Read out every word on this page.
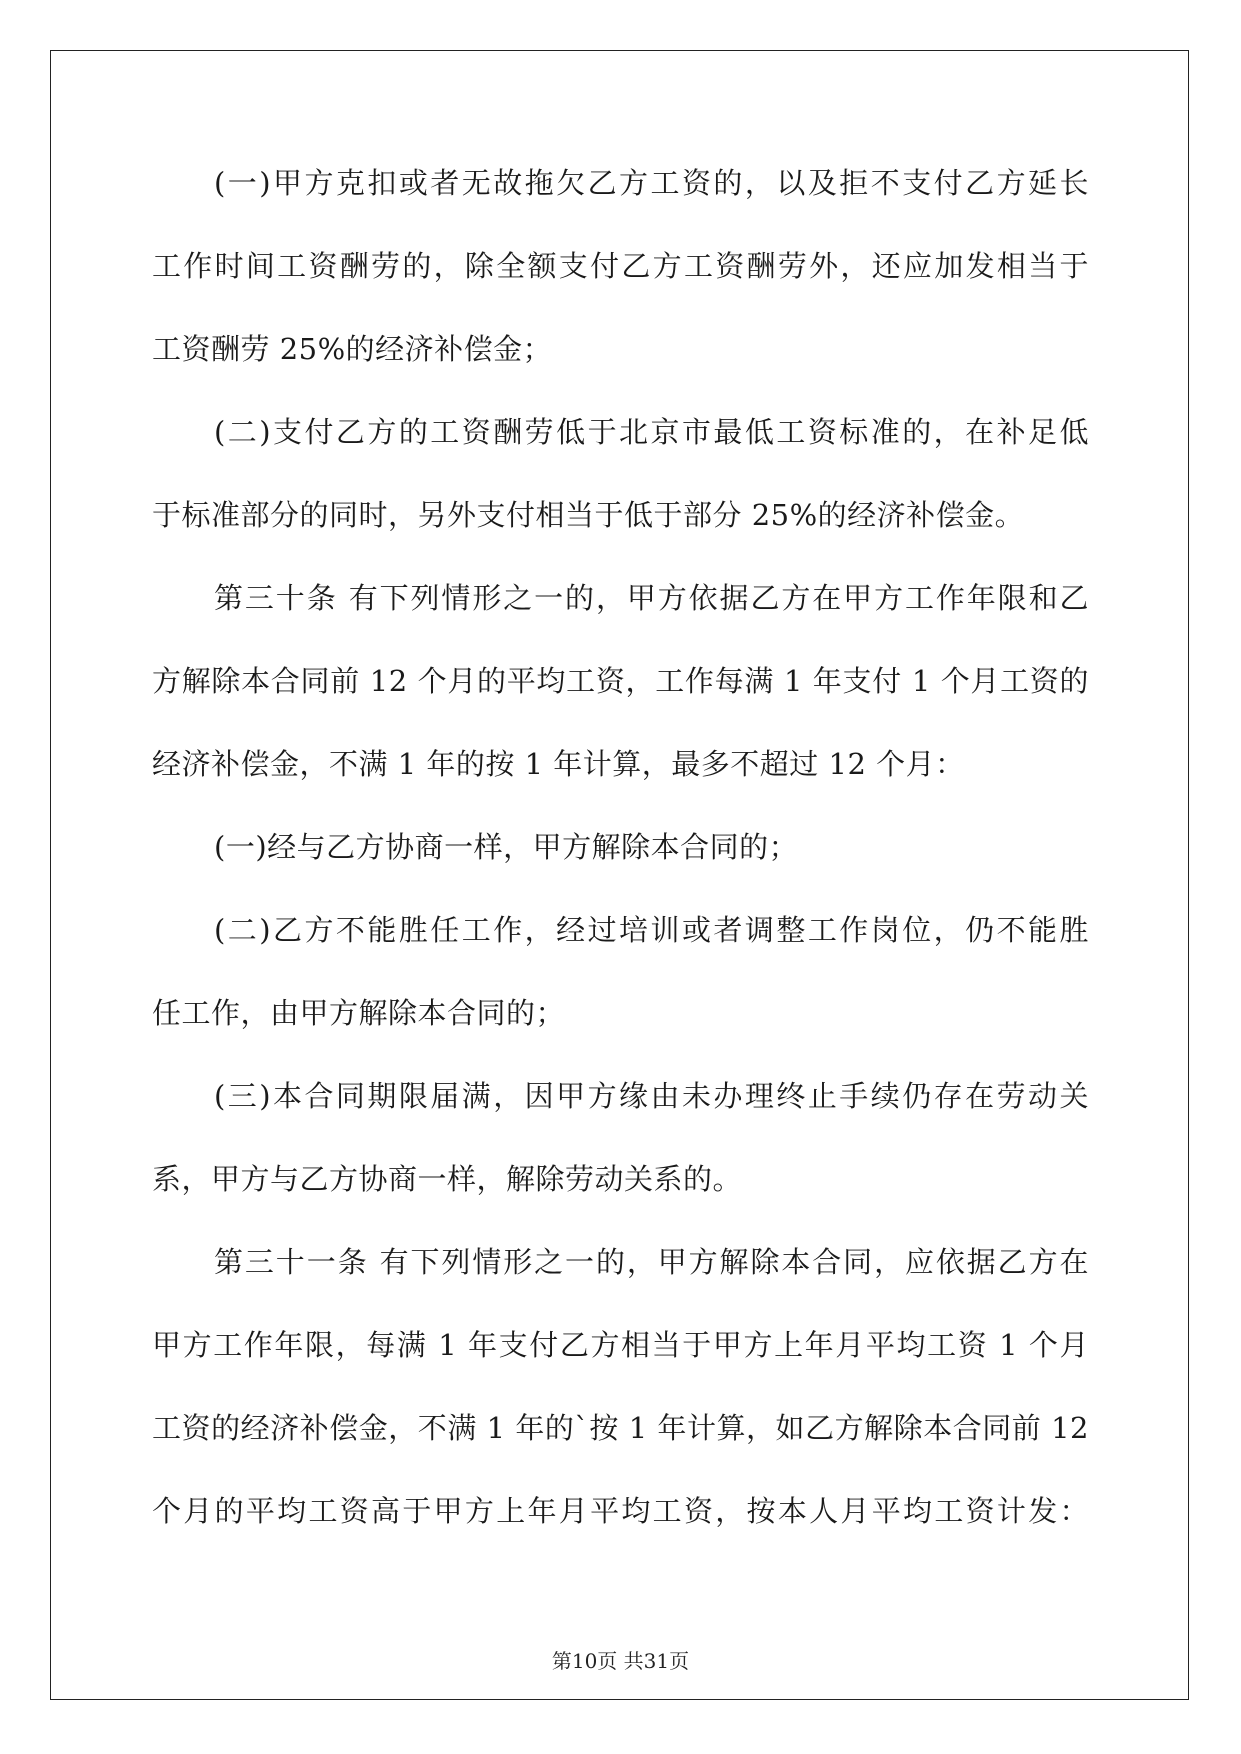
(一)甲方克扣或者无故拖欠乙方工资的，以及拒不支付乙方延长
工作时间工资酬劳的，除全额支付乙方工资酬劳外，还应加发相当于
工资酬劳 25%的经济补偿金；
(二)支付乙方的工资酬劳低于北京市最低工资标准的，在补足低
于标准部分的同时，另外支付相当于低于部分 25%的经济补偿金。
第三十条 有下列情形之一的，甲方依据乙方在甲方工作年限和乙
方解除本合同前 12 个月的平均工资，工作每满 1 年支付 1 个月工资的
经济补偿金，不满 1 年的按 1 年计算，最多不超过 12 个月：
(一)经与乙方协商一样，甲方解除本合同的；
(二)乙方不能胜任工作，经过培训或者调整工作岗位，仍不能胜
任工作，由甲方解除本合同的；
(三)本合同期限届满，因甲方缘由未办理终止手续仍存在劳动关
系，甲方与乙方协商一样，解除劳动关系的。
第三十一条 有下列情形之一的，甲方解除本合同，应依据乙方在
甲方工作年限，每满 1 年支付乙方相当于甲方上年月平均工资 1 个月
工资的经济补偿金，不满 1 年的`按 1 年计算，如乙方解除本合同前 12
个月的平均工资高于甲方上年月平均工资，按本人月平均工资计发：
第10页 共31页
